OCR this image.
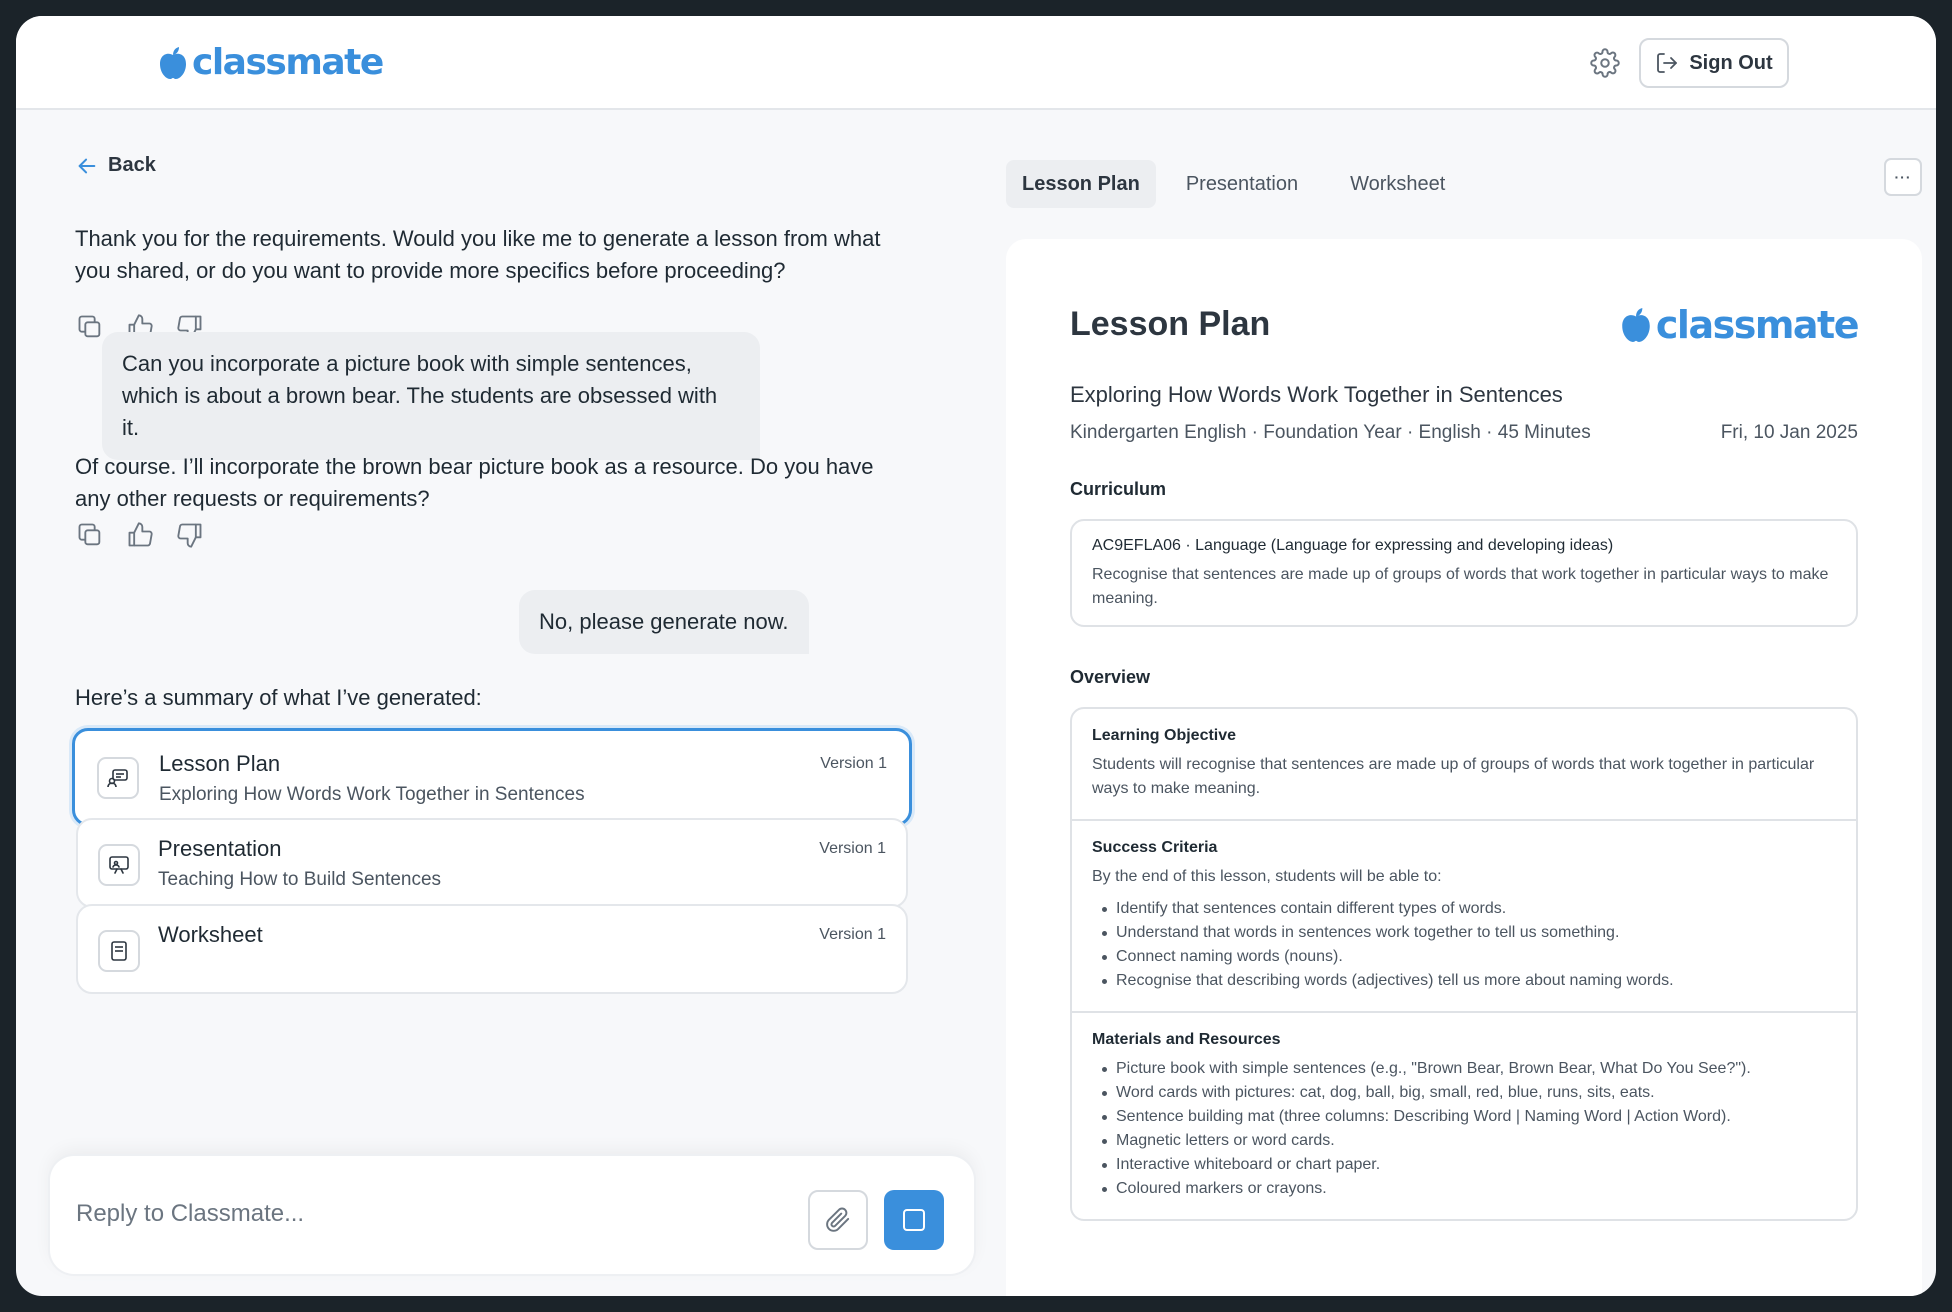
classmate	Sign Out
Back
Thank you for the requirements. Would you like me to generate a lesson from what you shared, or do you want to provide more specifics before proceeding?
Can you incorporate a picture book with simple sentences, which is about a brown bear. The students are obsessed with it.
Of course. I’ll incorporate the brown bear picture book as a resource. Do you have any other requests or requirements?
No, please generate now.
Here’s a summary of what I’ve generated:
Lesson Plan
Exploring How Words Work Together in Sentences
Version 1
Presentation
Teaching How to Build Sentences
Version 1
Worksheet	Version 1
Reply to Classmate...
Lesson Plan	Presentation	Worksheet	···
Lesson Plan	classmate
Exploring How Words Work Together in Sentences
Kindergarten English · Foundation Year · English · 45 Minutes	Fri, 10 Jan 2025
Curriculum
AC9EFLA06 · Language (Language for expressing and developing ideas)
Recognise that sentences are made up of groups of words that work together in particular ways to make meaning.
Overview
Learning Objective
Students will recognise that sentences are made up of groups of words that work together in particular ways to make meaning.
Success Criteria
By the end of this lesson, students will be able to:
Identify that sentences contain different types of words.
Understand that words in sentences work together to tell us something.
Connect naming words (nouns).
Recognise that describing words (adjectives) tell us more about naming words.
Materials and Resources
Picture book with simple sentences (e.g., "Brown Bear, Brown Bear, What Do You See?").
Word cards with pictures: cat, dog, ball, big, small, red, blue, runs, sits, eats.
Sentence building mat (three columns: Describing Word | Naming Word | Action Word).
Magnetic letters or word cards.
Interactive whiteboard or chart paper.
Coloured markers or crayons.
